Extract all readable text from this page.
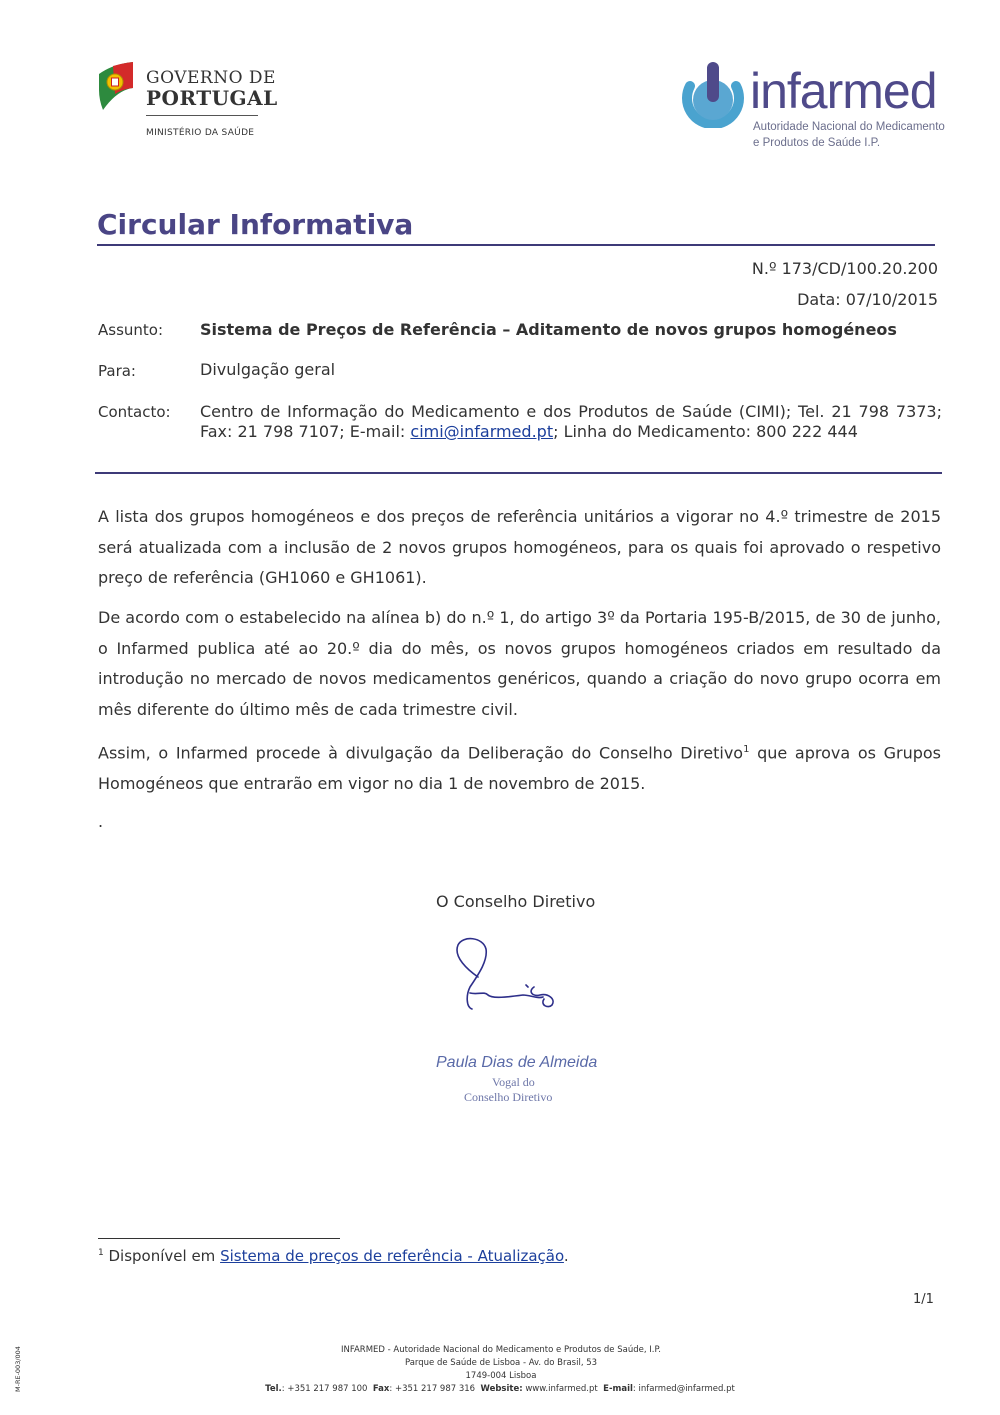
GOVERNO DE
PORTUGAL
MINISTÉRIO DA SAÚDE
infarmed
Autoridade Nacional do Medicamento
e Produtos de Saúde I.P.
Circular Informativa
N.º 173/CD/100.20.200
Data: 07/10/2015
Assunto: Sistema de Preços de Referência – Aditamento de novos grupos homogéneos
Para:	Divulgação geral
Contacto: Centro de Informação do Medicamento e dos Produtos de Saúde (CIMI); Tel. 21 798 7373; Fax: 21 798 7107; E-mail: cimi@infarmed.pt; Linha do Medicamento: 800 222 444
A lista dos grupos homogéneos e dos preços de referência unitários a vigorar no 4.º trimestre de 2015 será atualizada com a inclusão de 2 novos grupos homogéneos, para os quais foi aprovado o respetivo preço de referência (GH1060 e GH1061).
De acordo com o estabelecido na alínea b) do n.º 1, do artigo 3º da Portaria 195-B/2015, de 30 de junho, o Infarmed publica até ao 20.º dia do mês, os novos grupos homogéneos criados em resultado da introdução no mercado de novos medicamentos genéricos, quando a criação do novo grupo ocorra em mês diferente do último mês de cada trimestre civil.
Assim, o Infarmed procede à divulgação da Deliberação do Conselho Diretivo$^1$ que aprova os Grupos Homogéneos que entrarão em vigor no dia 1 de novembro de 2015.
.
O Conselho Diretivo
Paula Dias de Almeida
Vogal do
Conselho Diretivo
$^1$ Disponível em Sistema de preços de referência - Atualização.
1/1
INFARMED - Autoridade Nacional do Medicamento e Produtos de Saúde, I.P.
Parque de Saúde de Lisboa - Av. do Brasil, 53
1749-004 Lisboa
Tel.: +351 217 987 100 Fax: +351 217 987 316 Website: www.infarmed.pt E-mail: infarmed@infarmed.pt
M-RE-003/004
